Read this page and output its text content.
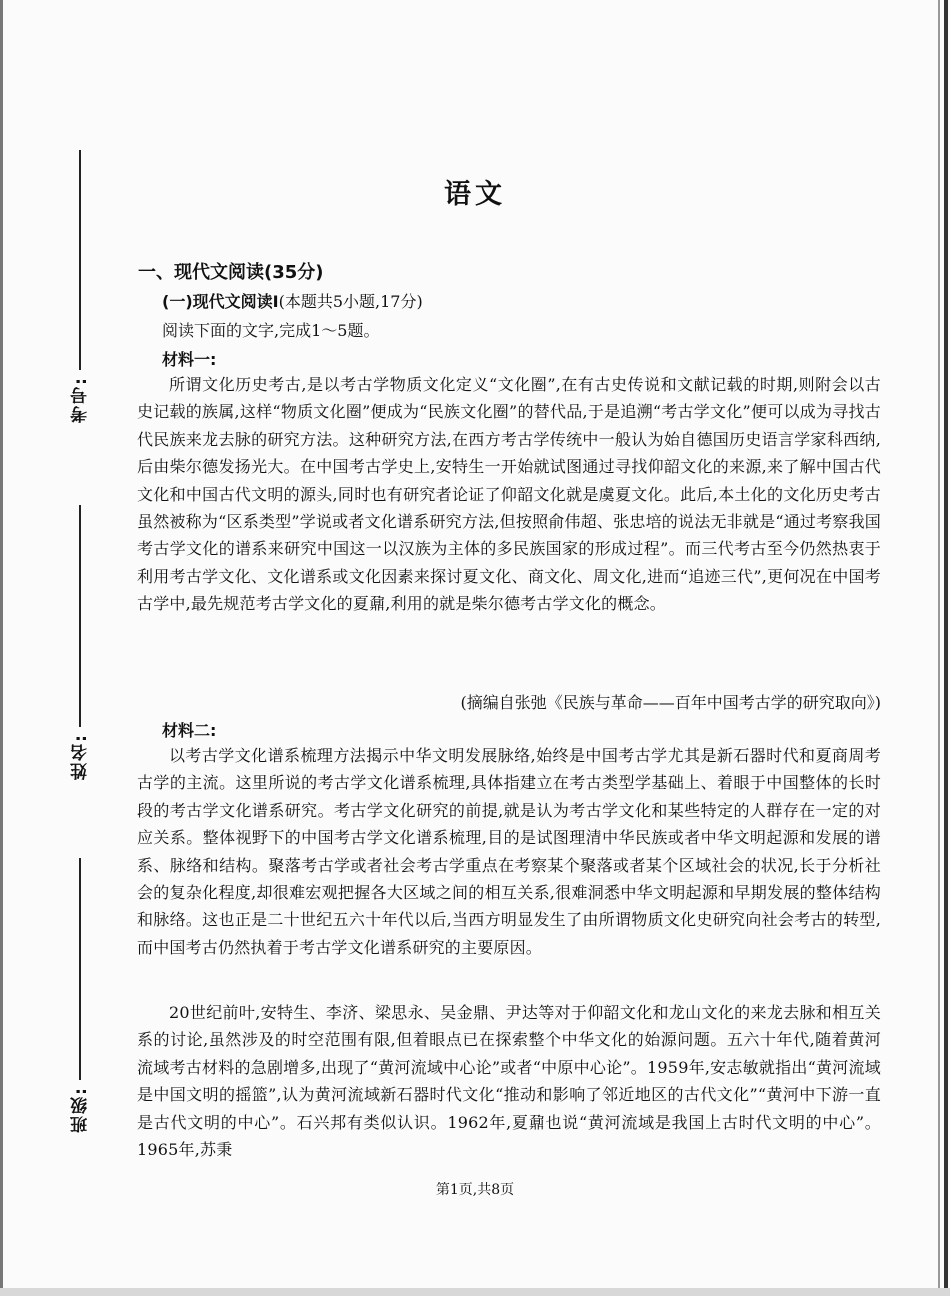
考号:
姓名:
班级:
语文
一、现代文阅读(35分)
(一)现代文阅读Ⅰ(本题共5小题,17分)
阅读下面的文字,完成1～5题。
材料一:
所谓文化历史考古,是以考古学物质文化定义“文化圈”,在有古史传说和文献记载的时期,则附会以古史记载的族属,这样“物质文化圈”便成为“民族文化圈”的替代品,于是追溯“考古学文化”便可以成为寻找古代民族来龙去脉的研究方法。这种研究方法,在西方考古学传统中一般认为始自德国历史语言学家科西纳,后由柴尔德发扬光大。在中国考古学史上,安特生一开始就试图通过寻找仰韶文化的来源,来了解中国古代文化和中国古代文明的源头,同时也有研究者论证了仰韶文化就是虞夏文化。此后,本土化的文化历史考古虽然被称为“区系类型”学说或者文化谱系研究方法,但按照俞伟超、张忠培的说法无非就是“通过考察我国考古学文化的谱系来研究中国这一以汉族为主体的多民族国家的形成过程”。而三代考古至今仍然热衷于利用考古学文化、文化谱系或文化因素来探讨夏文化、商文化、周文化,进而“追迹三代”,更何况在中国考古学中,最先规范考古学文化的夏鼐,利用的就是柴尔德考古学文化的概念。
(摘编自张弛《民族与革命——百年中国考古学的研究取向》)
材料二:
以考古学文化谱系梳理方法揭示中华文明发展脉络,始终是中国考古学尤其是新石器时代和夏商周考古学的主流。这里所说的考古学文化谱系梳理,具体指建立在考古类型学基础上、着眼于中国整体的长时段的考古学文化谱系研究。考古学文化研究的前提,就是认为考古学文化和某些特定的人群存在一定的对应关系。整体视野下的中国考古学文化谱系梳理,目的是试图理清中华民族或者中华文明起源和发展的谱系、脉络和结构。聚落考古学或者社会考古学重点在考察某个聚落或者某个区域社会的状况,长于分析社会的复杂化程度,却很难宏观把握各大区域之间的相互关系,很难洞悉中华文明起源和早期发展的整体结构和脉络。这也正是二十世纪五六十年代以后,当西方明显发生了由所谓物质文化史研究向社会考古的转型,而中国考古仍然执着于考古学文化谱系研究的主要原因。
20世纪前叶,安特生、李济、梁思永、吴金鼎、尹达等对于仰韶文化和龙山文化的来龙去脉和相互关系的讨论,虽然涉及的时空范围有限,但着眼点已在探索整个中华文化的始源问题。五六十年代,随着黄河流域考古材料的急剧增多,出现了“黄河流域中心论”或者“中原中心论”。1959年,安志敏就指出“黄河流域是中国文明的摇篮”,认为黄河流域新石器时代文化“推动和影响了邻近地区的古代文化”“黄河中下游一直是古代文明的中心”。石兴邦有类似认识。1962年,夏鼐也说“黄河流域是我国上古时代文明的中心”。1965年,苏秉
第1页,共8页
